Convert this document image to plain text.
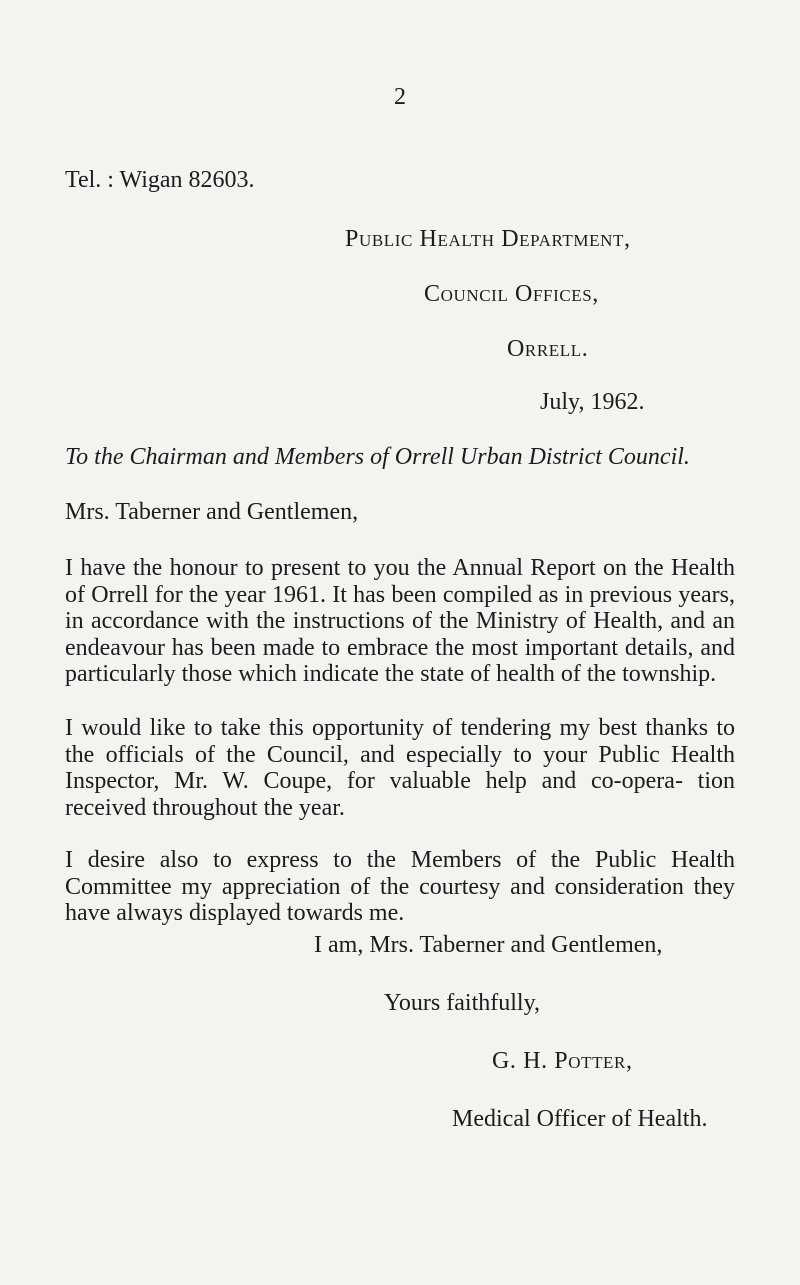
2
Tel. : Wigan 82603.
Public Health Department,
Council Offices,
Orrell.
July, 1962.
To the Chairman and Members of Orrell Urban District Council.
Mrs. Taberner and Gentlemen,

I have the honour to present to you the Annual Report on the Health of Orrell for the year 1961. It has been compiled as in previous years, in accordance with the instructions of the Ministry of Health, and an endeavour has been made to embrace the most important details, and particularly those which indicate the state of health of the township.

I would like to take this opportunity of tendering my best thanks to the officials of the Council, and especially to your Public Health Inspector, Mr. W. Coupe, for valuable help and co-opera- tion received throughout the year.

I desire also to express to the Members of the Public Health Committee my appreciation of the courtesy and consideration they have always displayed towards me.

I am, Mrs. Taberner and Gentlemen,
Yours faithfully,
G. H. Potter,
Medical Officer of Health.
